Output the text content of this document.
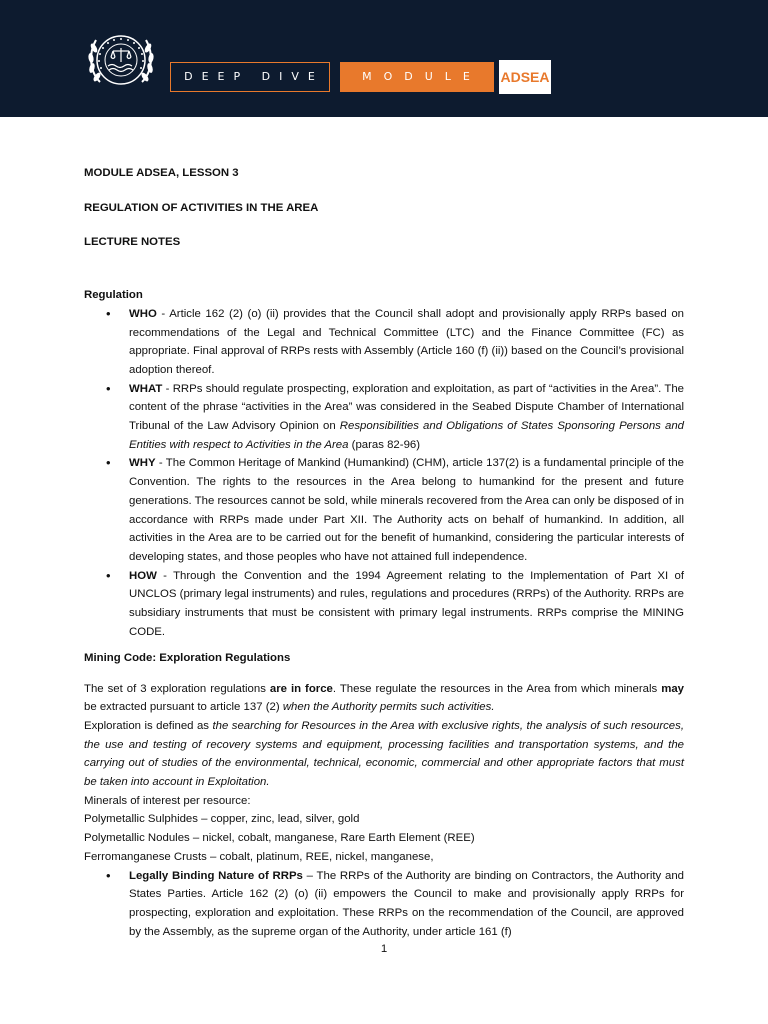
DEEP DIVE	MODULE	ADSEA

MODULE ADSEA, LESSON 3

REGULATION OF ACTIVITIES IN THE AREA

LECTURE NOTES

Regulation

• WHO - Article 162 (2) (o) (ii) provides that the Council shall adopt and provisionally apply RRPs based on recommendations of the Legal and Technical Committee (LTC) and the Finance Committee (FC) as appropriate. Final approval of RRPs rests with Assembly (Article 160 (f) (ii)) based on the Council’s provisional adoption thereof.
• WHAT - RRPs should regulate prospecting, exploration and exploitation, as part of “activities in the Area”. The content of the phrase “activities in the Area” was considered in the Seabed Dispute Chamber of International Tribunal of the Law Advisory Opinion on Responsibilities and Obligations of States Sponsoring Persons and Entities with respect to Activities in the Area (paras 82-96)
• WHY - The Common Heritage of Mankind (Humankind) (CHM), article 137(2) is a fundamental principle of the Convention. The rights to the resources in the Area belong to humankind for the present and future generations. The resources cannot be sold, while minerals recovered from the Area can only be disposed of in accordance with RRPs made under Part XII. The Authority acts on behalf of humankind. In addition, all activities in the Area are to be carried out for the benefit of humankind, considering the particular interests of developing states, and those peoples who have not attained full independence.
• HOW - Through the Convention and the 1994 Agreement relating to the Implementation of Part XI of UNCLOS (primary legal instruments) and rules, regulations and procedures (RRPs) of the Authority. RRPs are subsidiary instruments that must be consistent with primary legal instruments. RRPs comprise the MINING CODE.

Mining Code: Exploration Regulations

The set of 3 exploration regulations are in force. These regulate the resources in the Area from which minerals may be extracted pursuant to article 137 (2) when the Authority permits such activities.

Exploration is defined as the searching for Resources in the Area with exclusive rights, the analysis of such resources, the use and testing of recovery systems and equipment, processing facilities and transportation systems, and the carrying out of studies of the environmental, technical, economic, commercial and other appropriate factors that must be taken into account in Exploitation.

Minerals of interest per resource:

Polymetallic Sulphides – copper, zinc, lead, silver, gold

Polymetallic Nodules – nickel, cobalt, manganese, Rare Earth Element (REE)

Ferromanganese Crusts – cobalt, platinum, REE, nickel, manganese,

• Legally Binding Nature of RRPs – The RRPs of the Authority are binding on Contractors, the Authority and States Parties. Article 162 (2) (o) (ii) empowers the Council to make and provisionally apply RRPs for prospecting, exploration and exploitation. These RRPs on the recommendation of the Council, are approved by the Assembly, as the supreme organ of the Authority, under article 161 (f)
1
